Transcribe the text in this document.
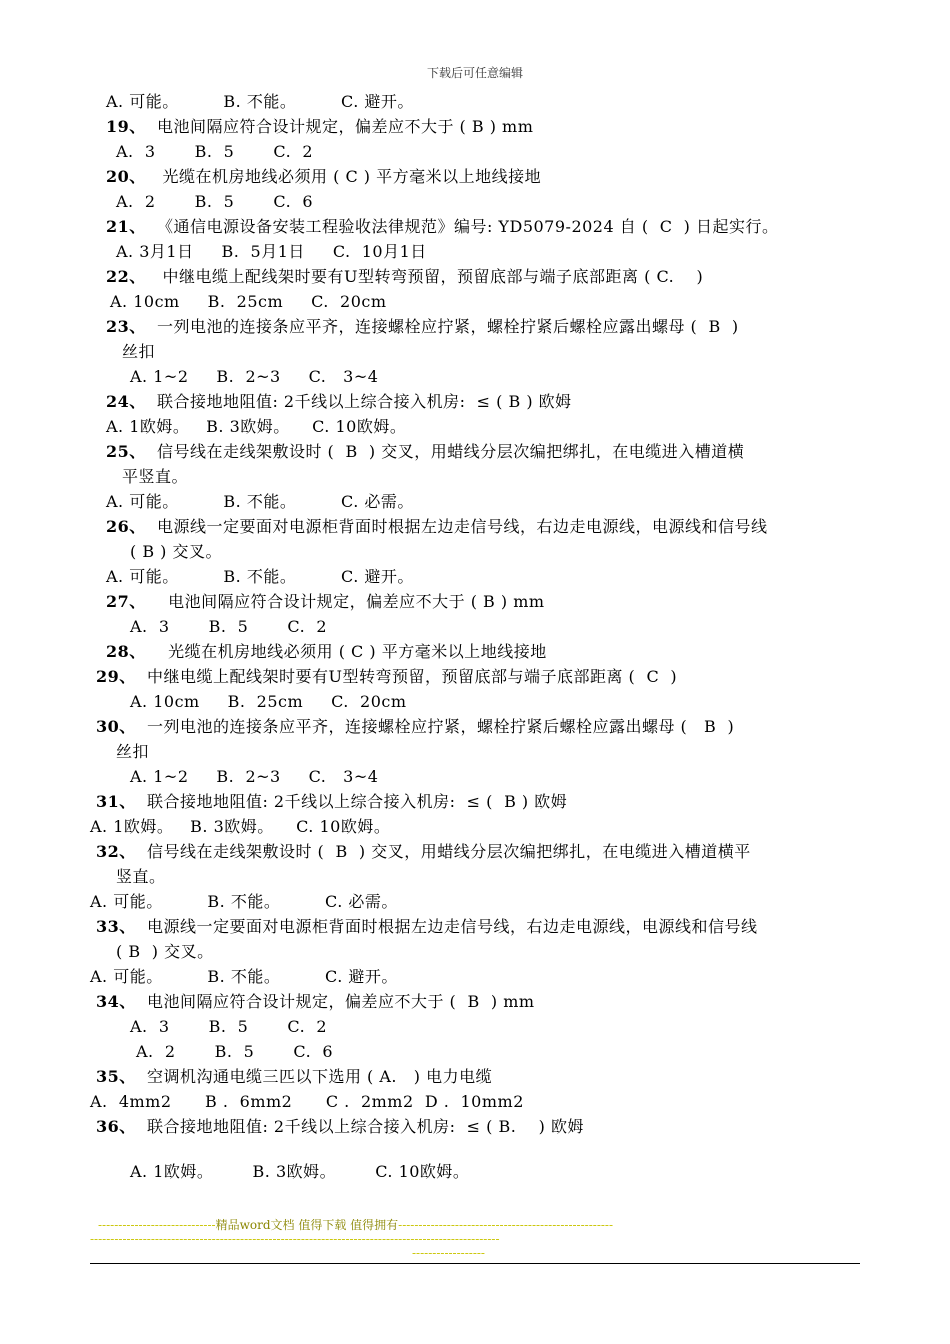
下载后可任意编辑
A. 可能。        B. 不能。        C. 避开。
19、  电池间隔应符合设计规定，偏差应不大于 ( B ) mm
A.  3       B.  5       C.  2
20、   光缆在机房地线必须用 ( C ) 平方毫米以上地线接地
A.  2       B.  5       C.  6
21、  《通信电源设备安装工程验收法律规范》编号: YD5079-2024 自 (  C  ) 日起实行。
A. 3月1日     B.  5月1日     C.  10月1日
22、   中继电缆上配线架时要有U型转弯预留，预留底部与端子底部距离 ( C.    )
A. 10cm     B.  25cm     C.  20cm
23、  一列电池的连接条应平齐，连接螺栓应拧紧，螺栓拧紧后螺栓应露出螺母 (  B  )
丝扣
A. 1~2     B.  2~3     C.   3~4
24、  联合接地地阻值: 2千线以上综合接入机房:  ≤ ( B ) 欧姆
A. 1欧姆。   B. 3欧姆。    C. 10欧姆。
25、  信号线在走线架敷设时 (  B  ) 交叉，用蜡线分层次编把绑扎，在电缆进入槽道横
平竖直。
A. 可能。        B. 不能。        C. 必需。
26、  电源线一定要面对电源柜背面时根据左边走信号线，右边走电源线，电源线和信号线
( B ) 交叉。
A. 可能。        B. 不能。        C. 避开。
27、    电池间隔应符合设计规定，偏差应不大于 ( B ) mm
A.  3       B.  5       C.  2
28、    光缆在机房地线必须用 ( C ) 平方毫米以上地线接地
29、  中继电缆上配线架时要有U型转弯预留，预留底部与端子底部距离 (  C  )
A. 10cm     B.  25cm     C.  20cm
30、  一列电池的连接条应平齐，连接螺栓应拧紧，螺栓拧紧后螺栓应露出螺母 (   B  )
丝扣
A. 1~2     B.  2~3     C.   3~4
31、  联合接地地阻值: 2千线以上综合接入机房:  ≤ (  B ) 欧姆
A. 1欧姆。   B. 3欧姆。    C. 10欧姆。
32、  信号线在走线架敷设时 (  B  ) 交叉，用蜡线分层次编把绑扎，在电缆进入槽道横平
竖直。
A. 可能。        B. 不能。        C. 必需。
33、  电源线一定要面对电源柜背面时根据左边走信号线，右边走电源线，电源线和信号线
( B  ) 交叉。
A. 可能。        B. 不能。        C. 避开。
34、  电池间隔应符合设计规定，偏差应不大于 (  B  ) mm
A.  3       B.  5       C.  2
A.  2       B.  5       C.  6
35、  空调机沟通电缆三匹以下选用 ( A.   ) 电力电缆
A.  4mm2      B .  6mm2      C .  2mm2  D .  10mm2
36、  联合接地地阻值: 2千线以上综合接入机房:  ≤ ( B.    ) 欧姆
A. 1欧姆。       B. 3欧姆。       C. 10欧姆。
-----------------------------精品word文档 值得下载 值得拥有-----------------------------------------------------
-----------------------------------------------------------------------------------------------------
------------------
